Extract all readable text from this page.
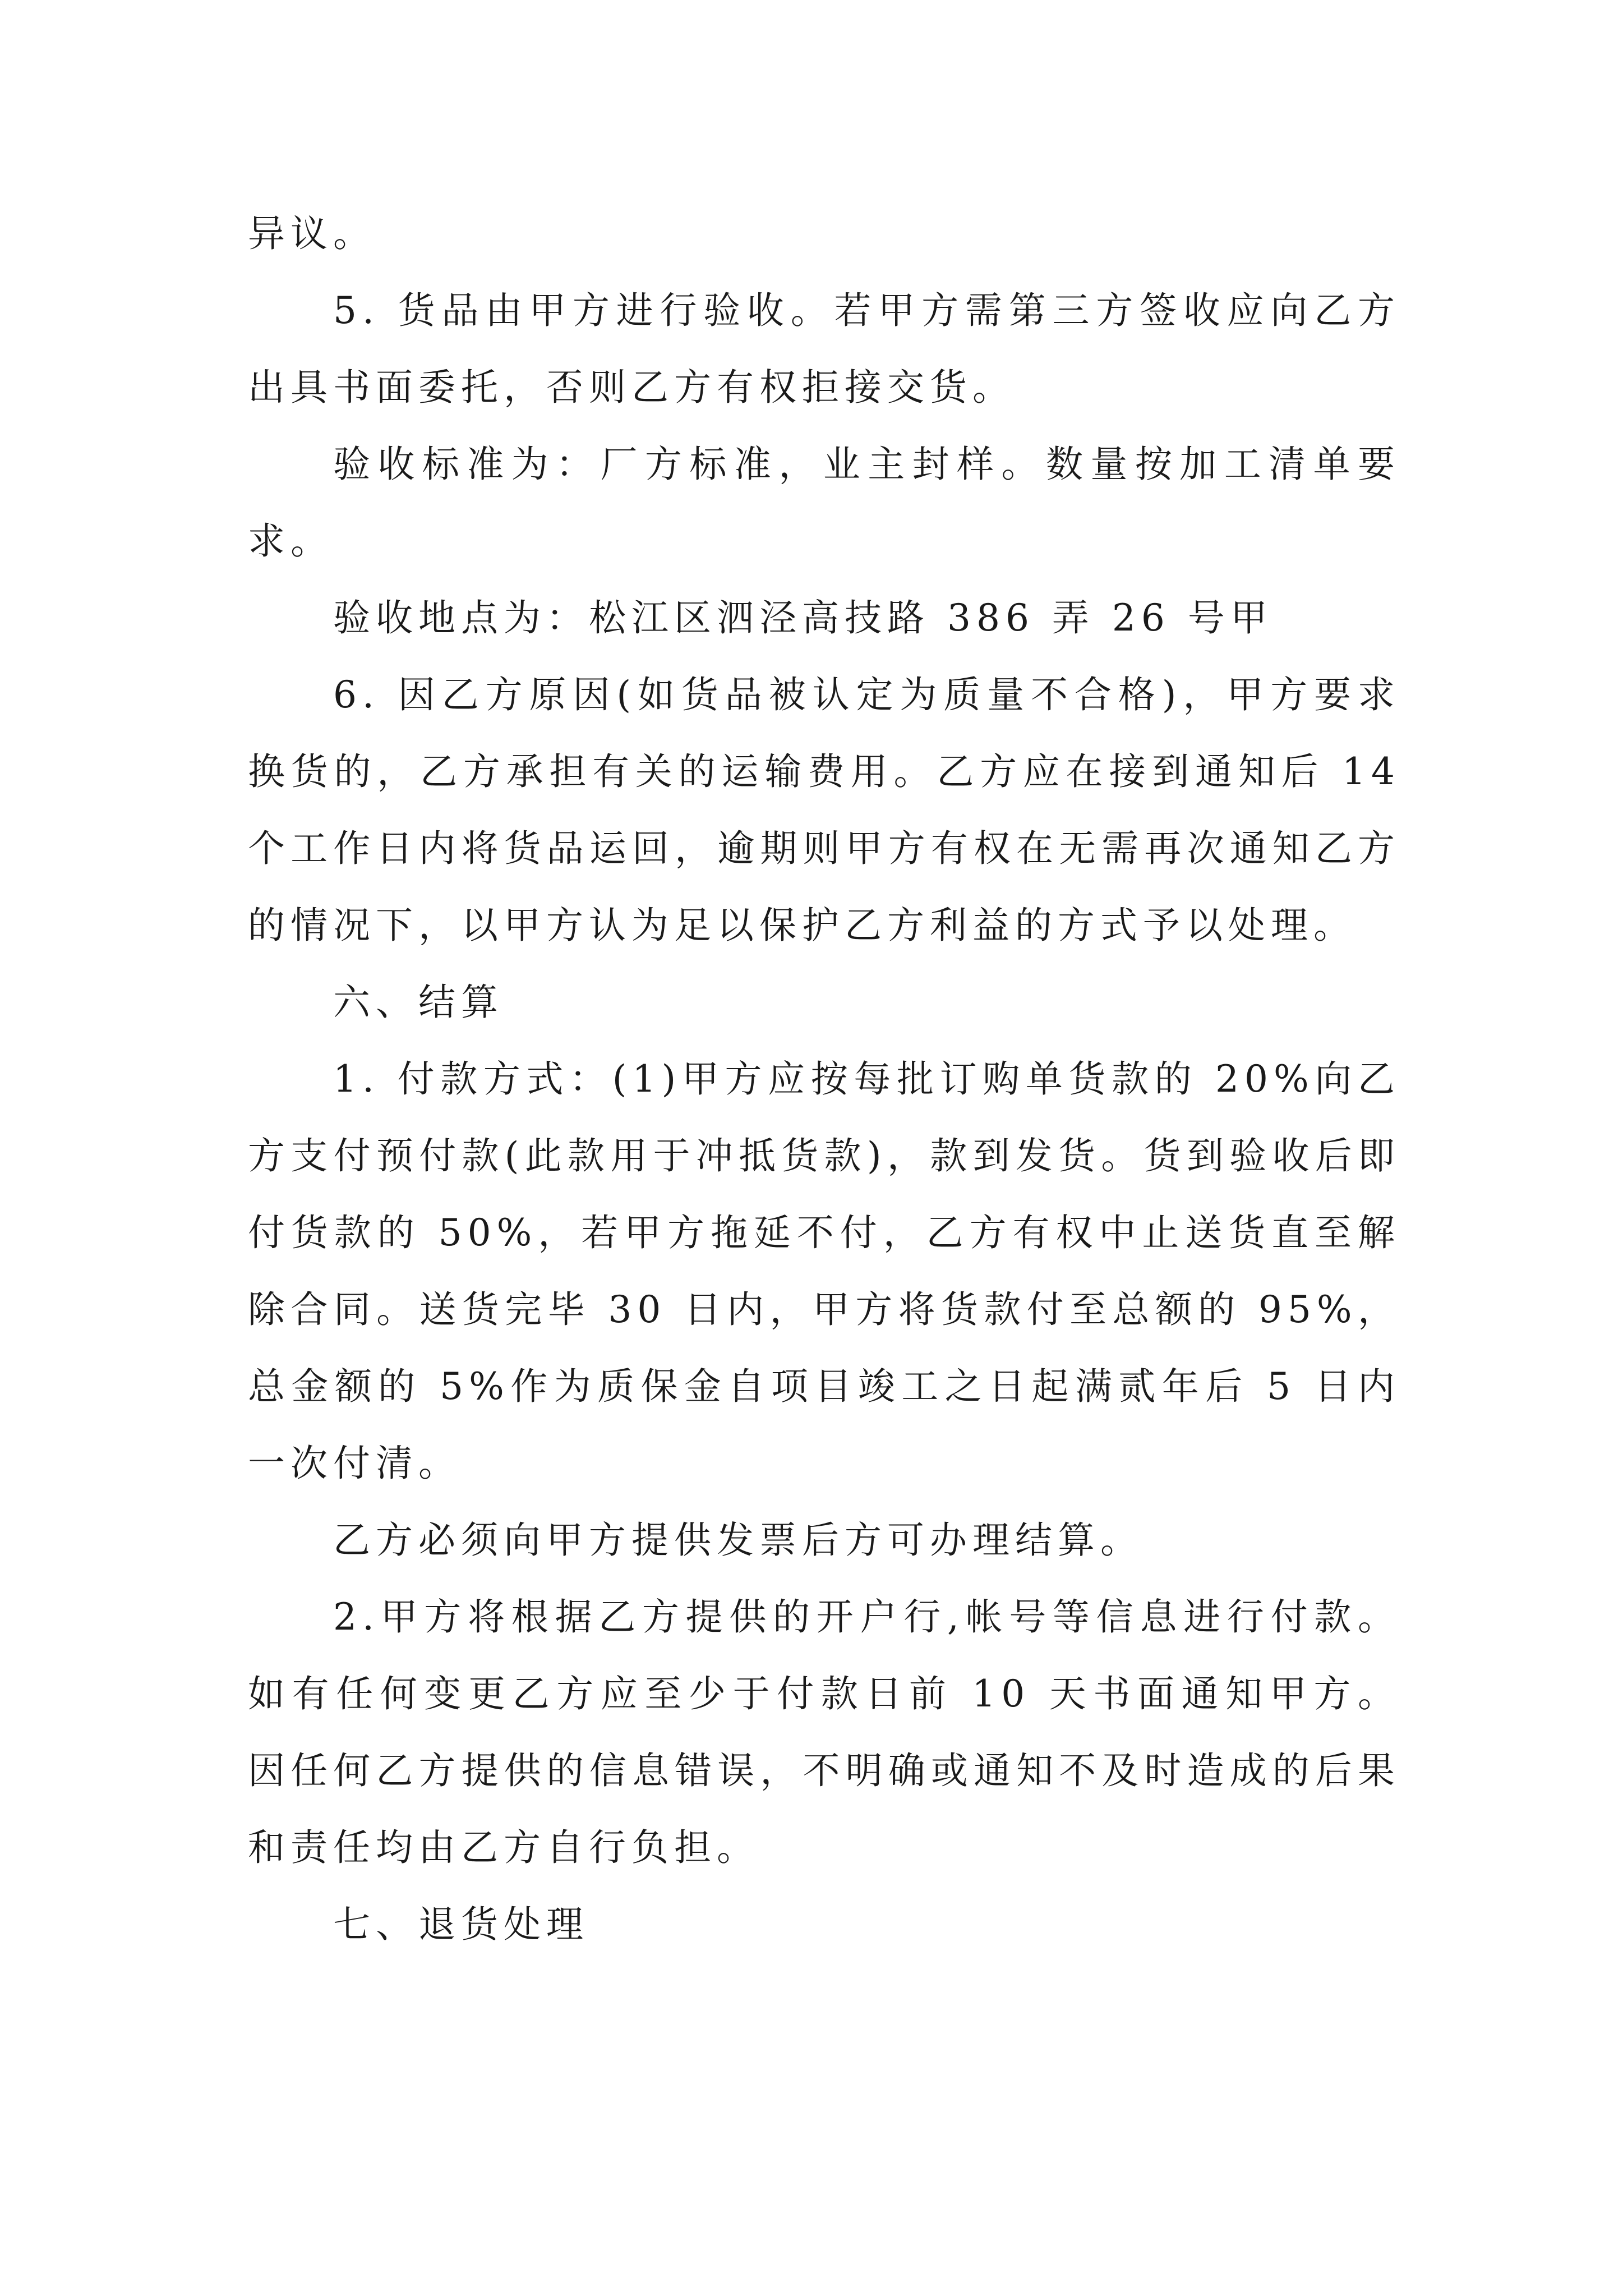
异议。

5. 货品由甲方进行验收。若甲方需第三方签收应向乙方出具书面委托，否则乙方有权拒接交货。

验收标准为：厂方标准，业主封样。数量按加工清单要求。

验收地点为：松江区泗泾高技路 386 弄 26 号甲

6. 因乙方原因(如货品被认定为质量不合格)，甲方要求换货的，乙方承担有关的运输费用。乙方应在接到通知后 14 个工作日内将货品运回，逾期则甲方有权在无需再次通知乙方的情况下，以甲方认为足以保护乙方利益的方式予以处理。

六、结算

1. 付款方式：(1)甲方应按每批订购单货款的 20%向乙方支付预付款(此款用于冲抵货款)，款到发货。货到验收后即付货款的 50%，若甲方拖延不付，乙方有权中止送货直至解除合同。送货完毕 30 日内，甲方将货款付至总额的 95%，总金额的 5%作为质保金自项目竣工之日起满贰年后 5 日内一次付清。

乙方必须向甲方提供发票后方可办理结算。

2.甲方将根据乙方提供的开户行,帐号等信息进行付款。如有任何变更乙方应至少于付款日前 10 天书面通知甲方。因任何乙方提供的信息错误，不明确或通知不及时造成的后果和责任均由乙方自行负担。

七、退货处理
